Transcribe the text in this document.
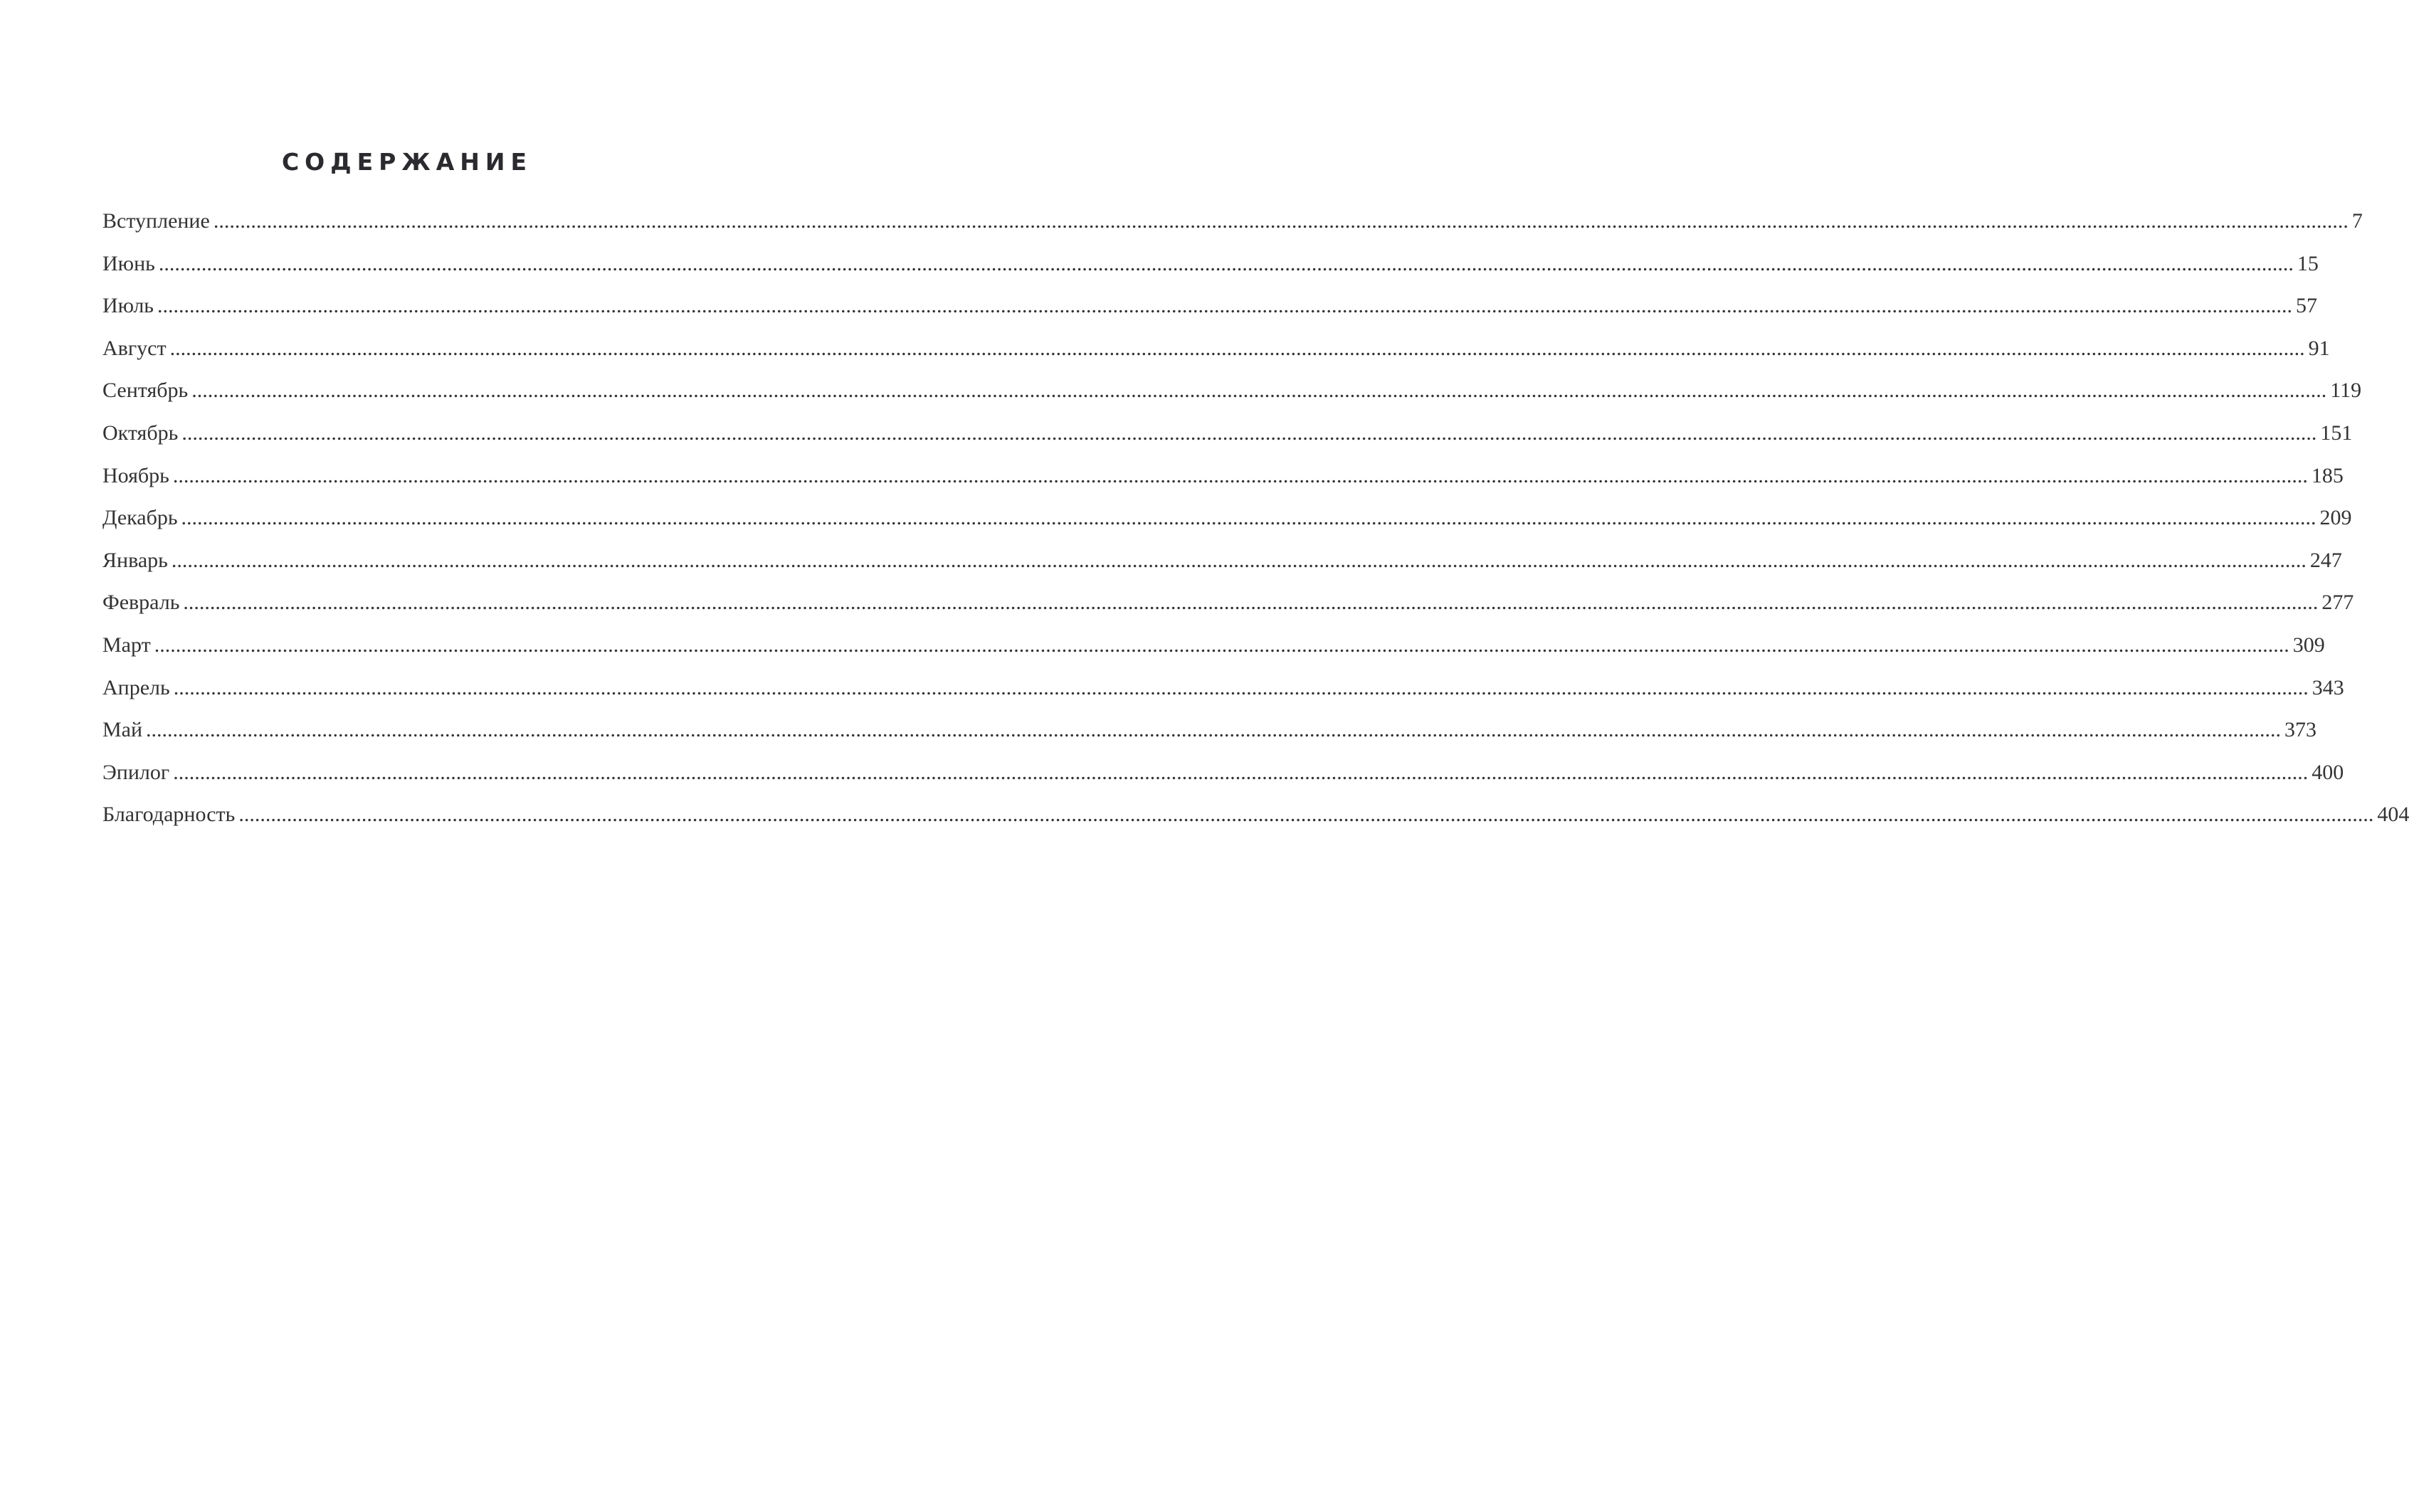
СОДЕРЖАНИЕ
Вступление ................................................................................................................................................................................................................................................................................................................................................................................................................ 7
Июнь ................................................................................................................................................................................................................................................................................................................................................................................................................ 15
Июль ................................................................................................................................................................................................................................................................................................................................................................................................................ 57
Август ................................................................................................................................................................................................................................................................................................................................................................................................................ 91
Сентябрь ................................................................................................................................................................................................................................................................................................................................................................................................................ 119
Октябрь ................................................................................................................................................................................................................................................................................................................................................................................................................ 151
Ноябрь ................................................................................................................................................................................................................................................................................................................................................................................................................ 185
Декабрь ................................................................................................................................................................................................................................................................................................................................................................................................................ 209
Январь ................................................................................................................................................................................................................................................................................................................................................................................................................ 247
Февраль ................................................................................................................................................................................................................................................................................................................................................................................................................ 277
Март ................................................................................................................................................................................................................................................................................................................................................................................................................ 309
Апрель ................................................................................................................................................................................................................................................................................................................................................................................................................ 343
Май ................................................................................................................................................................................................................................................................................................................................................................................................................ 373
Эпилог ................................................................................................................................................................................................................................................................................................................................................................................................................ 400
Благодарность ................................................................................................................................................................................................................................................................................................................................................................................................................ 404
